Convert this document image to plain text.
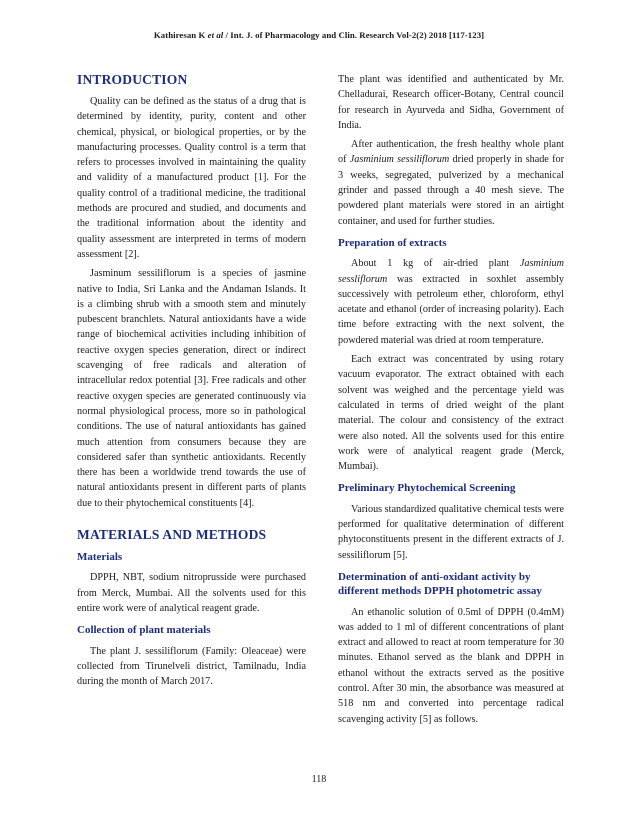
Kathiresan K et al / Int. J. of Pharmacology and Clin. Research Vol-2(2) 2018 [117-123]
INTRODUCTION

Quality can be defined as the status of a drug that is determined by identity, purity, content and other chemical, physical, or biological properties, or by the manufacturing processes. Quality control is a term that refers to processes involved in maintaining the quality and validity of a manufactured product [1]. For the quality control of a traditional medicine, the traditional methods are procured and studied, and documents and the traditional information about the identity and quality assessment are interpreted in terms of modern assessment [2].

Jasminum sessiliflorum is a species of jasmine native to India, Sri Lanka and the Andaman Islands. It is a climbing shrub with a smooth stem and minutely pubescent branchlets. Natural antioxidants have a wide range of biochemical activities including inhibition of reactive oxygen species generation, direct or indirect scavenging of free radicals and alteration of intracellular redox potential [3]. Free radicals and other reactive oxygen species are generated continuously via normal physiological process, more so in pathological conditions. The use of natural antioxidants has gained much attention from consumers because they are considered safer than synthetic antioxidants. Recently there has been a worldwide trend towards the use of natural antioxidants present in different parts of plants due to their phytochemical constituents [4].

MATERIALS AND METHODS
Materials

DPPH, NBT, sodium nitroprusside were purchased from Merck, Mumbai. All the solvents used for this entire work were of analytical reagent grade.

Collection of plant materials

The plant J. sessiliflorum (Family: Oleaceae) were collected from Tirunelveli district, Tamilnadu, India during the month of March 2017.

The plant was identified and authenticated by Mr. Chelladurai, Research officer-Botany, Central council for research in Ayurveda and Sidha, Government of India.

After authentication, the fresh healthy whole plant of Jasminium sessiliflorum dried properly in shade for 3 weeks, segregated, pulverized by a mechanical grinder and passed through a 40 mesh sieve. The powdered plant materials were stored in an airtight container, and used for further studies.

Preparation of extracts

About 1 kg of air-dried plant Jasminium sessliflorum was extracted in soxhlet assembly successively with petroleum ether, chloroform, ethyl acetate and ethanol (order of increasing polarity). Each time before extracting with the next solvent, the powdered material was dried at room temperature.

Each extract was concentrated by using rotary vacuum evaporator. The extract obtained with each solvent was weighed and the percentage yield was calculated in terms of dried weight of the plant material. The colour and consistency of the extract were also noted. All the solvents used for this entire work were of analytical reagent grade (Merck, Mumbai).

Preliminary Phytochemical Screening

Various standardized qualitative chemical tests were performed for qualitative determination of different phytoconstituents present in the different extracts of J. sessiliflorum [5].

Determination of anti-oxidant activity by different methods DPPH photometric assay

An ethanolic solution of 0.5ml of DPPH (0.4mM) was added to 1 ml of different concentrations of plant extract and allowed to react at room temperature for 30 minutes. Ethanol served as the blank and DPPH in ethanol without the extracts served as the positive control. After 30 min, the absorbance was measured at 518 nm and converted into percentage radical scavenging activity [5] as follows.

118
